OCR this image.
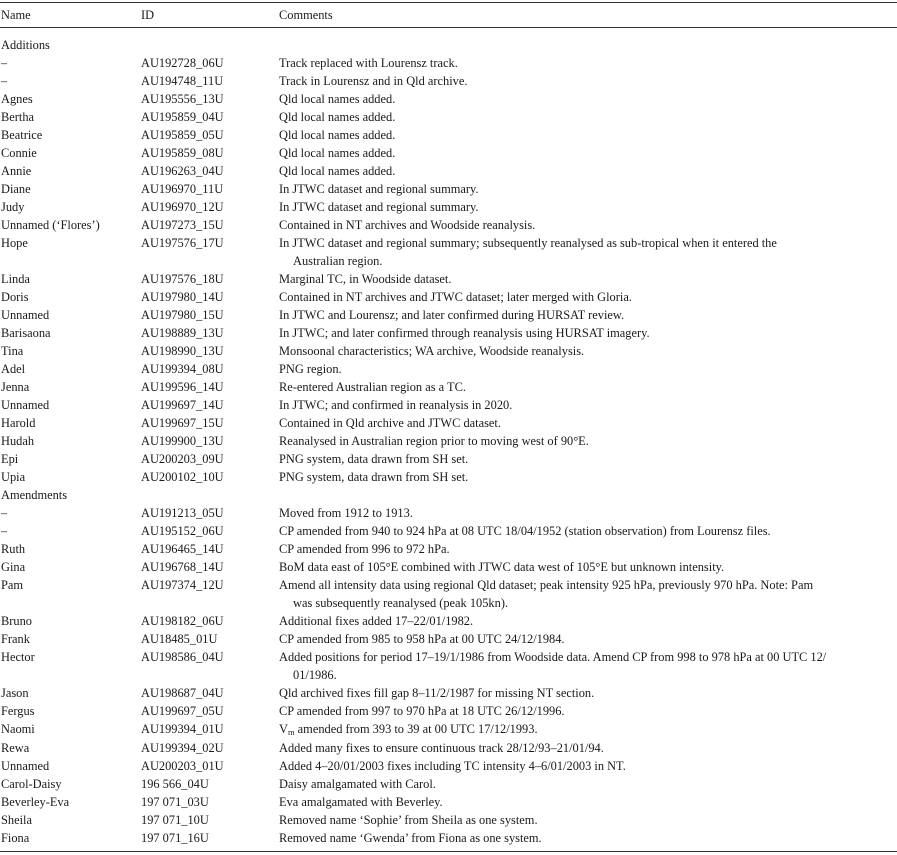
Name	ID	Comments
Additions
–	AU192728_06U	Track replaced with Lourensz track.
–	AU194748_11U	Track in Lourensz and in Qld archive.
Agnes	AU195556_13U	Qld local names added.
Bertha	AU195859_04U	Qld local names added.
Beatrice	AU195859_05U	Qld local names added.
Connie	AU195859_08U	Qld local names added.
Annie	AU196263_04U	Qld local names added.
Diane	AU196970_11U	In JTWC dataset and regional summary.
Judy	AU196970_12U	In JTWC dataset and regional summary.
Unnamed (‘Flores’)	AU197273_15U	Contained in NT archives and Woodside reanalysis.
Hope	AU197576_17U	In JTWC dataset and regional summary; subsequently reanalysed as sub-tropical when it entered the
Australian region.
Linda	AU197576_18U	Marginal TC, in Woodside dataset.
Doris	AU197980_14U	Contained in NT archives and JTWC dataset; later merged with Gloria.
Unnamed	AU197980_15U	In JTWC and Lourensz; and later confirmed during HURSAT review.
Barisaona	AU198889_13U	In JTWC; and later confirmed through reanalysis using HURSAT imagery.
Tina	AU198990_13U	Monsoonal characteristics; WA archive, Woodside reanalysis.
Adel	AU199394_08U	PNG region.
Jenna	AU199596_14U	Re-entered Australian region as a TC.
Unnamed	AU199697_14U	In JTWC; and confirmed in reanalysis in 2020.
Harold	AU199697_15U	Contained in Qld archive and JTWC dataset.
Hudah	AU199900_13U	Reanalysed in Australian region prior to moving west of 90°E.
Epi	AU200203_09U	PNG system, data drawn from SH set.
Upia	AU200102_10U	PNG system, data drawn from SH set.
Amendments
–	AU191213_05U	Moved from 1912 to 1913.
–	AU195152_06U	CP amended from 940 to 924 hPa at 08 UTC 18/04/1952 (station observation) from Lourensz files.
Ruth	AU196465_14U	CP amended from 996 to 972 hPa.
Gina	AU196768_14U	BoM data east of 105°E combined with JTWC data west of 105°E but unknown intensity.
Pam	AU197374_12U	Amend all intensity data using regional Qld dataset; peak intensity 925 hPa, previously 970 hPa. Note: Pam
was subsequently reanalysed (peak 105kn).
Bruno	AU198182_06U	Additional fixes added 17–22/01/1982.
Frank	AU18485_01U	CP amended from 985 to 958 hPa at 00 UTC 24/12/1984.
Hector	AU198586_04U	Added positions for period 17–19/1/1986 from Woodside data. Amend CP from 998 to 978 hPa at 00 UTC 12/
01/1986.
Jason	AU198687_04U	Qld archived fixes fill gap 8–11/2/1987 for missing NT section.
Fergus	AU199697_05U	CP amended from 997 to 970 hPa at 18 UTC 26/12/1996.
Naomi	AU199394_01U	Vm amended from 393 to 39 at 00 UTC 17/12/1993.
Rewa	AU199394_02U	Added many fixes to ensure continuous track 28/12/93–21/01/94.
Unnamed	AU200203_01U	Added 4–20/01/2003 fixes including TC intensity 4–6/01/2003 in NT.
Carol-Daisy	196 566_04U	Daisy amalgamated with Carol.
Beverley-Eva	197 071_03U	Eva amalgamated with Beverley.
Sheila	197 071_10U	Removed name ‘Sophie’ from Sheila as one system.
Fiona	197 071_16U	Removed name ‘Gwenda’ from Fiona as one system.
